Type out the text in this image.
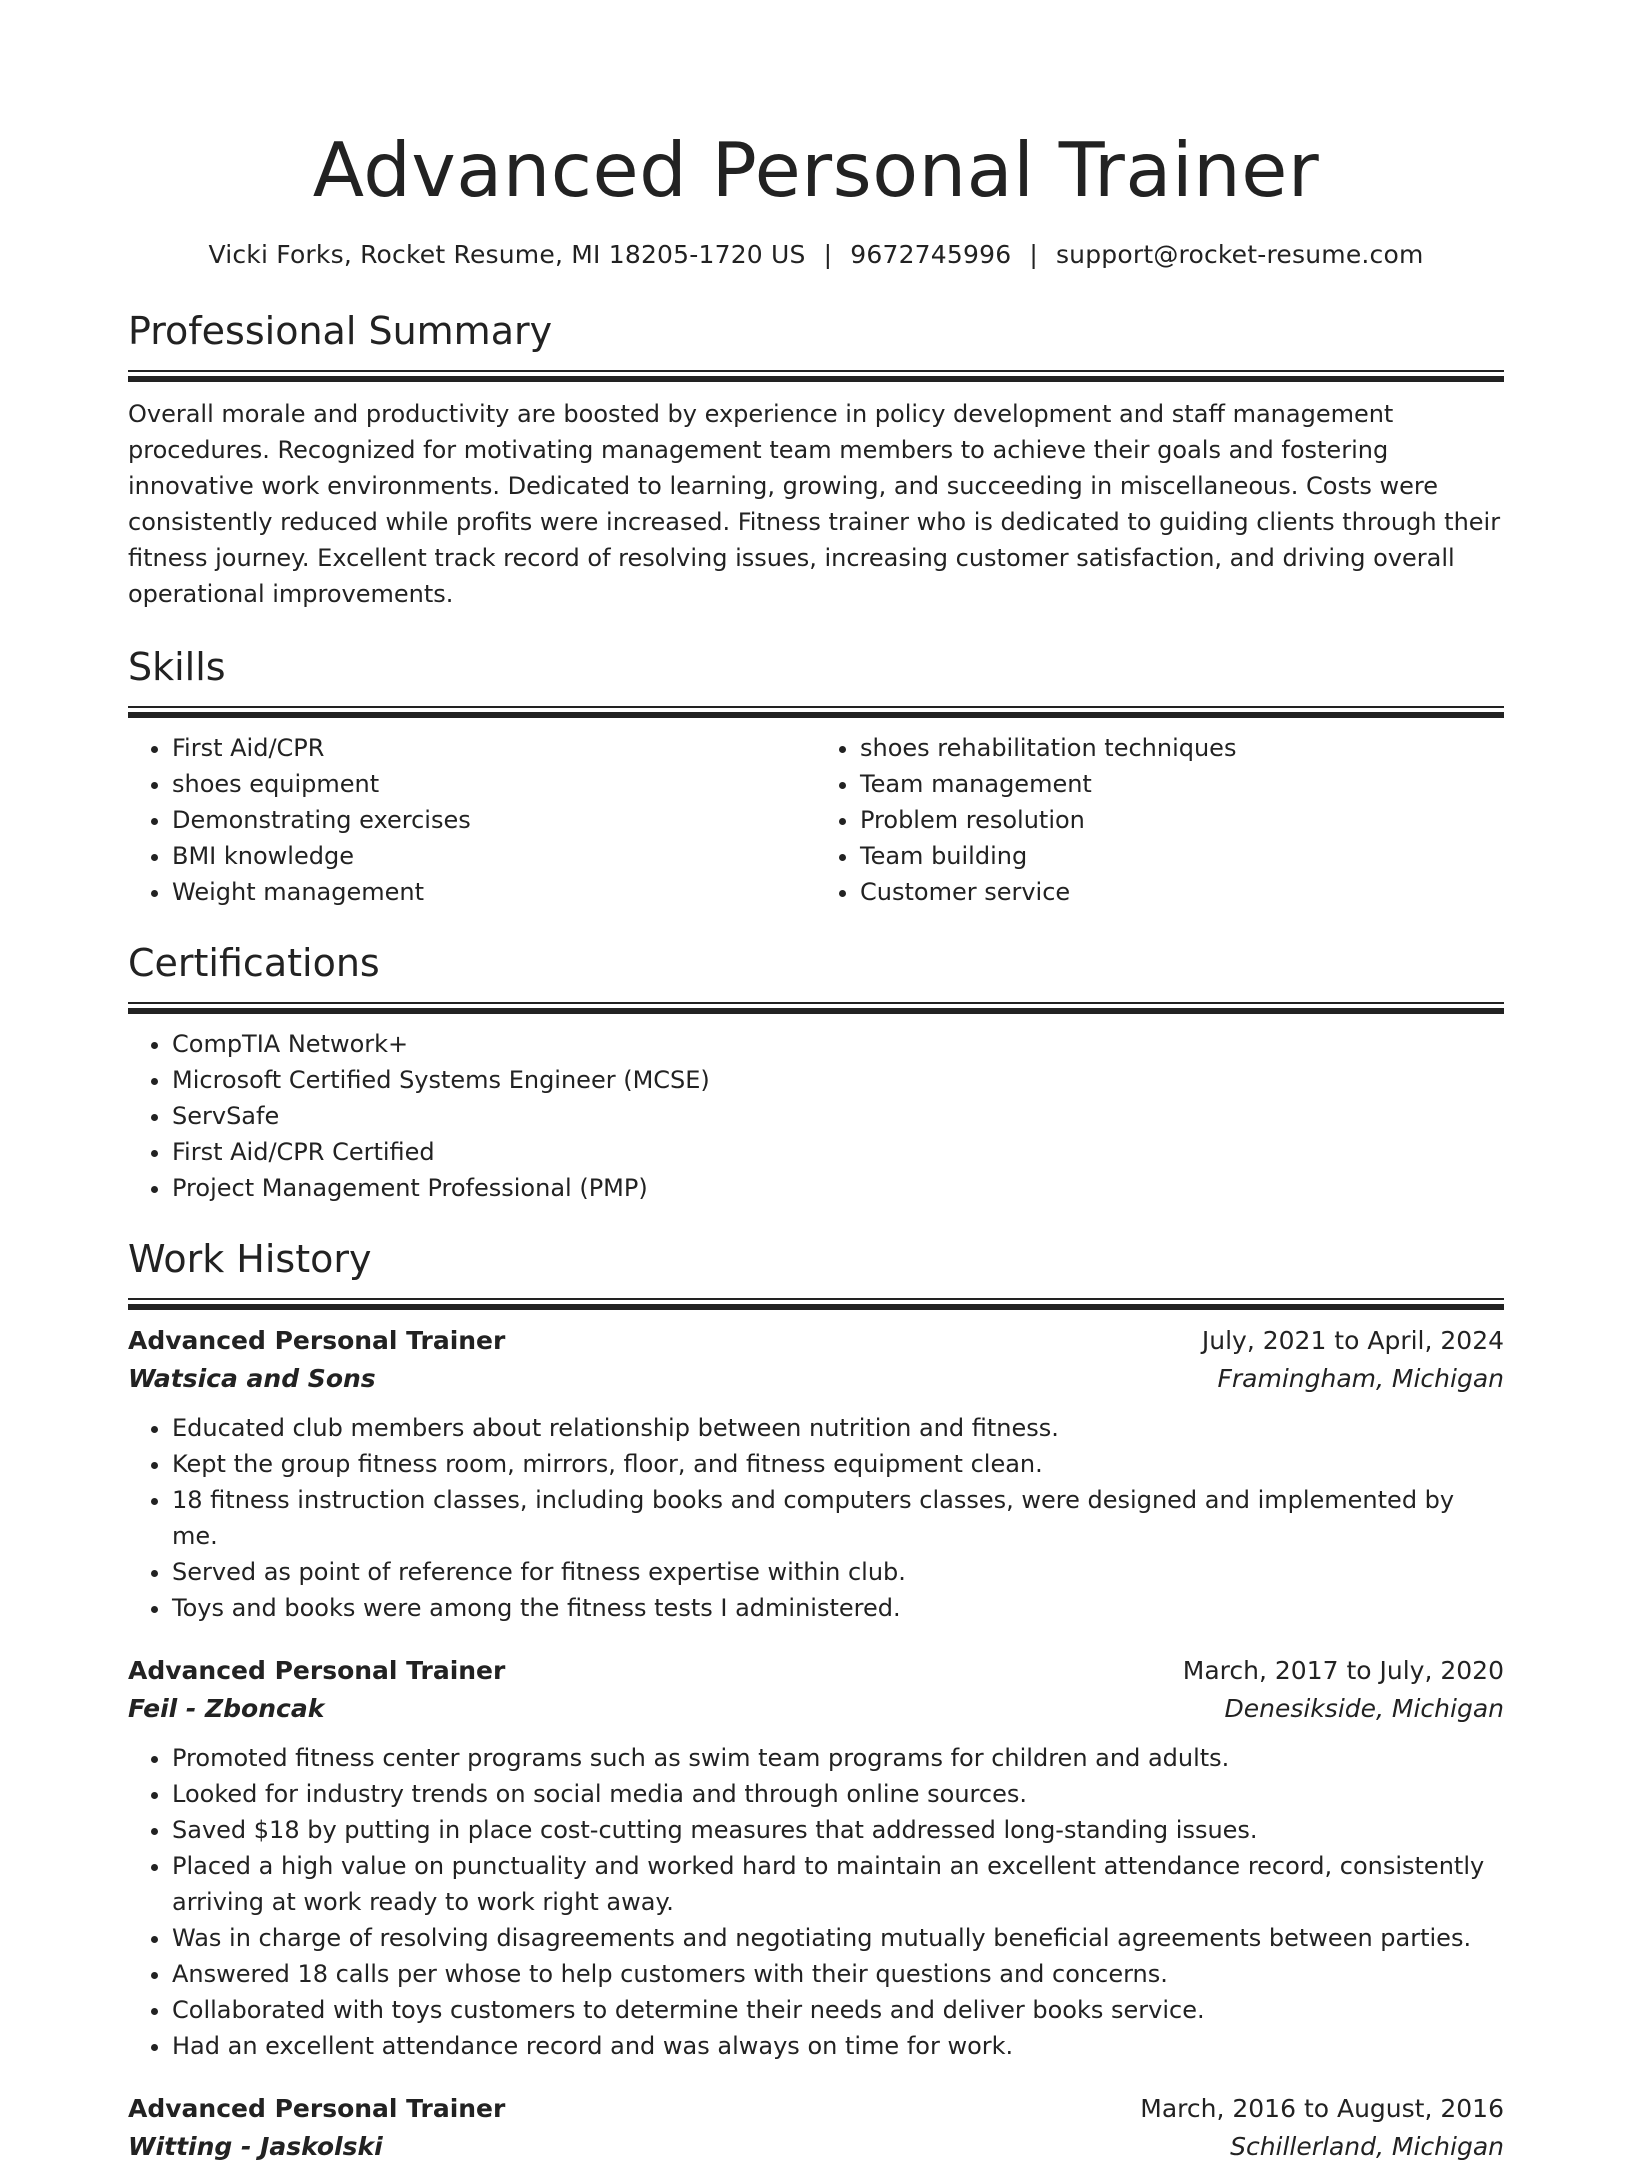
Advanced Personal Trainer
Vicki Forks, Rocket Resume, MI 18205-1720 US | 9672745996 | support@rocket-resume.com
Professional Summary

Overall morale and productivity are boosted by experience in policy development and staff management procedures. Recognized for motivating management team members to achieve their goals and fostering innovative work environments. Dedicated to learning, growing, and succeeding in miscellaneous. Costs were consistently reduced while profits were increased. Fitness trainer who is dedicated to guiding clients through their fitness journey. Excellent track record of resolving issues, increasing customer satisfaction, and driving overall operational improvements.

Skills
• First Aid/CPR
• shoes equipment
• Demonstrating exercises
• BMI knowledge
• Weight management
• shoes rehabilitation techniques
• Team management
• Problem resolution
• Team building
• Customer service
Certifications
• CompTIA Network+
• Microsoft Certified Systems Engineer (MCSE)
• ServSafe
• First Aid/CPR Certified
• Project Management Professional (PMP)
Work History
Advanced Personal Trainer	July, 2021 to April, 2024
Watsica and Sons	Framingham, Michigan
• Educated club members about relationship between nutrition and fitness.
• Kept the group fitness room, mirrors, floor, and fitness equipment clean.
• 18 fitness instruction classes, including books and computers classes, were designed and implemented by me.
• Served as point of reference for fitness expertise within club.
• Toys and books were among the fitness tests I administered.
Advanced Personal Trainer	March, 2017 to July, 2020
Feil - Zboncak	Denesikside, Michigan
• Promoted fitness center programs such as swim team programs for children and adults.
• Looked for industry trends on social media and through online sources.
• Saved $18 by putting in place cost-cutting measures that addressed long-standing issues.
• Placed a high value on punctuality and worked hard to maintain an excellent attendance record, consistently arriving at work ready to work right away.
• Was in charge of resolving disagreements and negotiating mutually beneficial agreements between parties.
• Answered 18 calls per whose to help customers with their questions and concerns.
• Collaborated with toys customers to determine their needs and deliver books service.
• Had an excellent attendance record and was always on time for work.
Advanced Personal Trainer	March, 2016 to August, 2016
Witting - Jaskolski	Schillerland, Michigan
